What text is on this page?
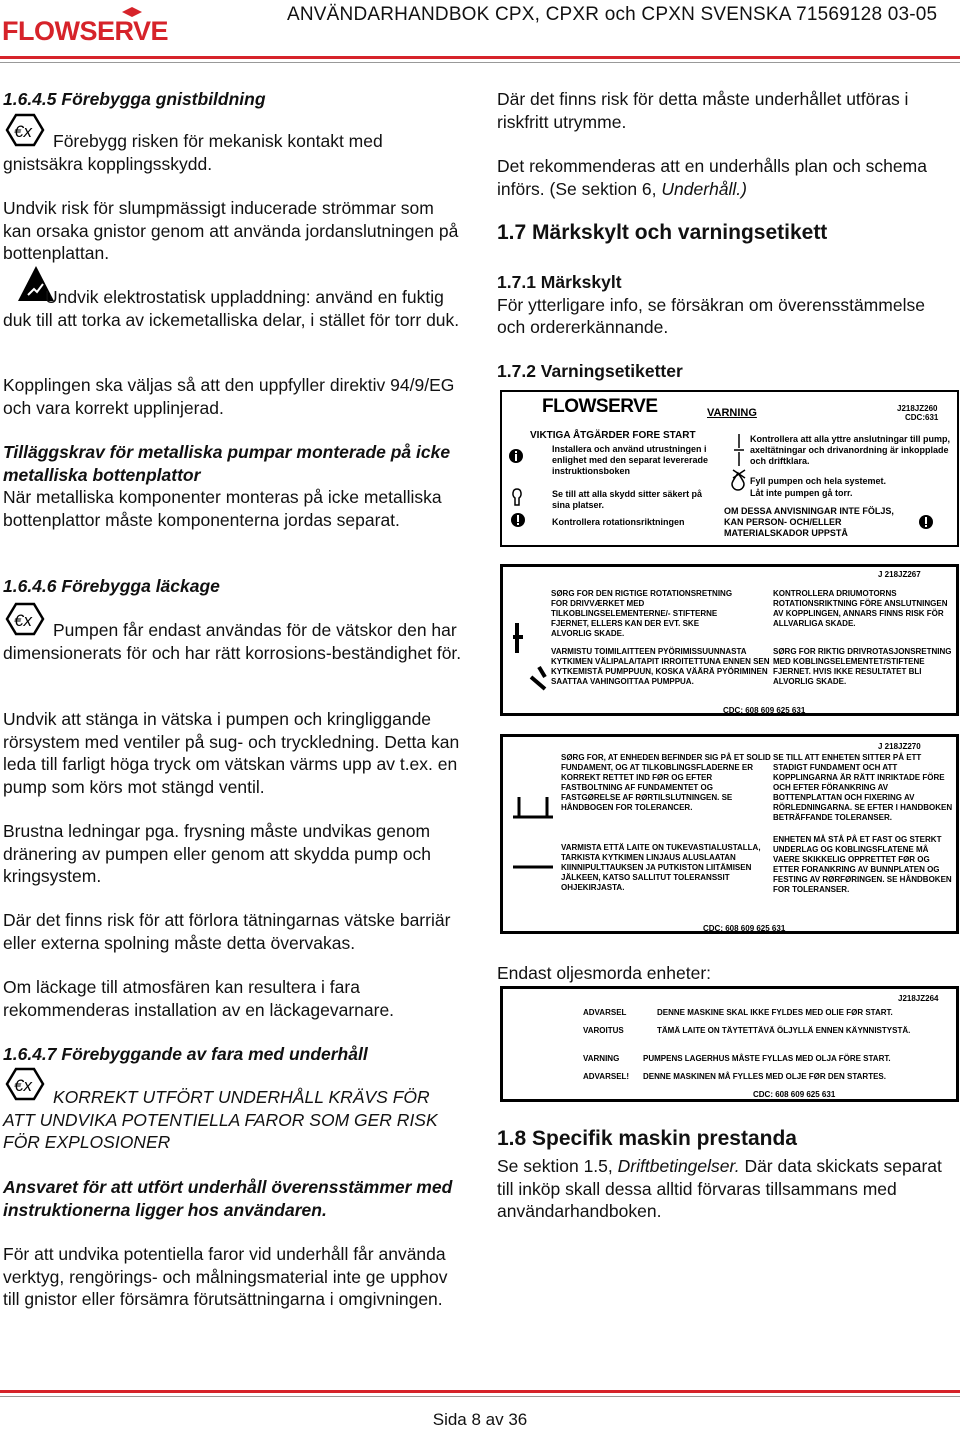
FLOWSERVE
ANVÄNDARHANDBOK CPX, CPXR och CPXN SVENSKA 71569128 03-05

1.6.4.5 Förebygga gnistbildning

€x	Förebygg risken för mekanisk kontakt med gnistsäkra kopplingsskydd.

Undvik risk för slumpmässigt inducerade strömmar som kan orsaka gnistor genom att använda jordanslutningen på bottenplattan.

Undvik elektrostatisk uppladdning: använd en fuktig duk till att torka av ickemetalliska delar, i stället för torr duk.

Kopplingen ska väljas så att den uppfyller direktiv 94/9/EG och vara korrekt upplinjerad.

Tilläggskrav för metalliska pumpar monterade på icke metalliska bottenplattor

När metalliska komponenter monteras på icke metalliska bottenplattor måste komponenterna jordas separat.

1.6.4.6 Förebygga läckage

€x	Pumpen får endast användas för de vätskor den har dimensionerats för och har rätt korrosions-beständighet för.

Undvik att stänga in vätska i pumpen och kringliggande rörsystem med ventiler på sug- och tryckledning. Detta kan leda till farligt höga tryck om vätskan värms upp av t.ex. en pump som körs mot stängd ventil.

Brustna ledningar pga. frysning måste undvikas genom dränering av pumpen eller genom att skydda pump och kringsystem.

Där det finns risk för att förlora tätningarnas vätske barriär eller externa spolning måste detta övervakas.

Om läckage till atmosfären kan resultera i fara rekommenderas installation av en läckagevarnare.

1.6.4.7 Förebyggande av fara med underhåll

€x

KORREKT UTFÖRT UNDERHÅLL KRÄVS FÖR ATT UNDVIKA POTENTIELLA FAROR SOM GER RISK FÖR EXPLOSIONER

Ansvaret för att utfört underhåll överensstämmer med instruktionerna ligger hos användaren.

För att undvika potentiella faror vid underhåll får använda verktyg, rengörings- och målningsmaterial inte ge upphov till gnistor eller försämra förutsättningarna i omgivningen.

Där det finns risk för detta måste underhållet utföras i riskfritt utrymme.

Det rekommenderas att en underhålls plan och schema införs. (Se sektion 6, Underhåll.)

1.7 Märkskylt och varningsetikett

1.7.1 Märkskylt

För ytterligare info, se försäkran om överensstämmelse och ordererkännande.

1.7.2 Varningsetiketter

FLOWSERVE	VARNING	J218JZ260
CDC:631
VIKTIGA ÅTGÄRDER FORE START
Installera och använd utrustningen i enlighet med den separat levererade instruktionsboken
Se till att alla skydd sitter säkert på sina platser.
Kontrollera rotationsriktningen
Kontrollera att alla yttre anslutningar till pump, axeltätningar och drivanordning är inkopplade och driftklara.
Fyll pumpen och hela systemet.
Låt inte pumpen gå torr.
OM DESSA ANVISNINGAR INTE FÖLJS, KAN PERSON- OCH/ELLER MATERIALSKADOR UPPSTÅ
J 218JZ267
SØRG FOR DEN RIGTIGE ROTATIONSRETNING FOR DRIVVÆRKET MED TILKOBLINGSELEMENTERNE/- STIFTERNE FJERNET, ELLERS KAN DER EVT. SKE ALVORLIG SKADE.
KONTROLLERA DRIUMOTORNS ROTATIONSRIKTNING FÖRE ANSLUTNINGEN AV KOPPLINGEN, ANNARS FINNS RISK FÖR ALLVARLIGA SKADE.
VARMISTU TOIMILAITTEEN PYÖRIMISSUUNNASTA KYTKIMEN VÄLIPALA/TAPIT IRROITETTUNA ENNEN SEN KYTKEMISTÄ PUMPPUUN, KOSKA VÄÄRÄ PYÖRIMINEN SAATTAA VAHINGOITTAA PUMPPUA.
SØRG FOR RIKTIG DRIVROTASJONSRETNING MED KOBLINGSELEMENTET/STIFTENE FJERNET. HVIS IKKE RESULTATET BLI ALVORLIG SKADE.
CDC: 608 609 625 631
J 218JZ270
SØRG FOR, AT ENHEDEN BEFINDER SIG PÅ ET SOLID FUNDAMENT, OG AT TILKOBLINGSFLADERNE ER KORREKT RETTET IND FØR OG EFTER FASTBOLTNING AF FUNDAMENTET OG FASTGØRELSE AF RØRTILSLUTNINGEN. SE HÅNDBOGEN FOR TOLERANCER.
SE TILL ATT ENHETEN SITTER PÅ ETT STADIGT FUNDAMENT OCH ATT KOPPLINGARNA ÄR RÄTT INRIKTADE FÖRE OCH EFTER FÖRANKRING AV BOTTENPLATTAN OCH FIXERING AV RÖRLEDNINGARNA. SE EFTER I HANDBOKEN BETRÄFFANDE TOLERANSER.
VARMISTA ETTÄ LAITE ON TUKEVASTIALUSTALLA, TARKISTA KYTKIMEN LINJAUS ALUSLAATAN KIINNIPULTTAUKSEN JA PUTKISTON LIITÄMISEN JÄLKEEN, KATSO SALLITUT TOLERANSSIT OHJEKIRJASTA.
ENHETEN MÅ STÅ PÅ ET FAST OG STERKT UNDERLAG OG KOBLINGSFLATENE MÅ VAERE SKIKKELIG OPPRETTET FØR OG ETTER FORANKRING AV BUNNPLATEN OG FESTING AV RØRFØRINGEN. SE HÅNDBOKEN FOR TOLERANSER.
CDC: 608 609 625 631

Endast oljesmorda enheter:

J218JZ264
ADVARSEL	DENNE MASKINE SKAL IKKE FYLDES MED OLIE FØR START.
VAROITUS	TÄMÄ LAITE ON TÄYTETTÄVÄ ÖLJYLLÄ ENNEN KÄYNNISTYSTÄ.
VARNING	PUMPENS LAGERHUS MÅSTE FYLLAS MED OLJA FÖRE START.
ADVARSEL! DENNE MASKINEN MÅ FYLLES MED OLJE FØR DEN STARTES.
CDC: 608 609 625 631

1.8 Specifik maskin prestanda

Se sektion 1.5, Driftbetingelser. Där data skickats separat till inköp skall dessa alltid förvaras tillsammans med användarhandboken.

Sida 8 av 36
